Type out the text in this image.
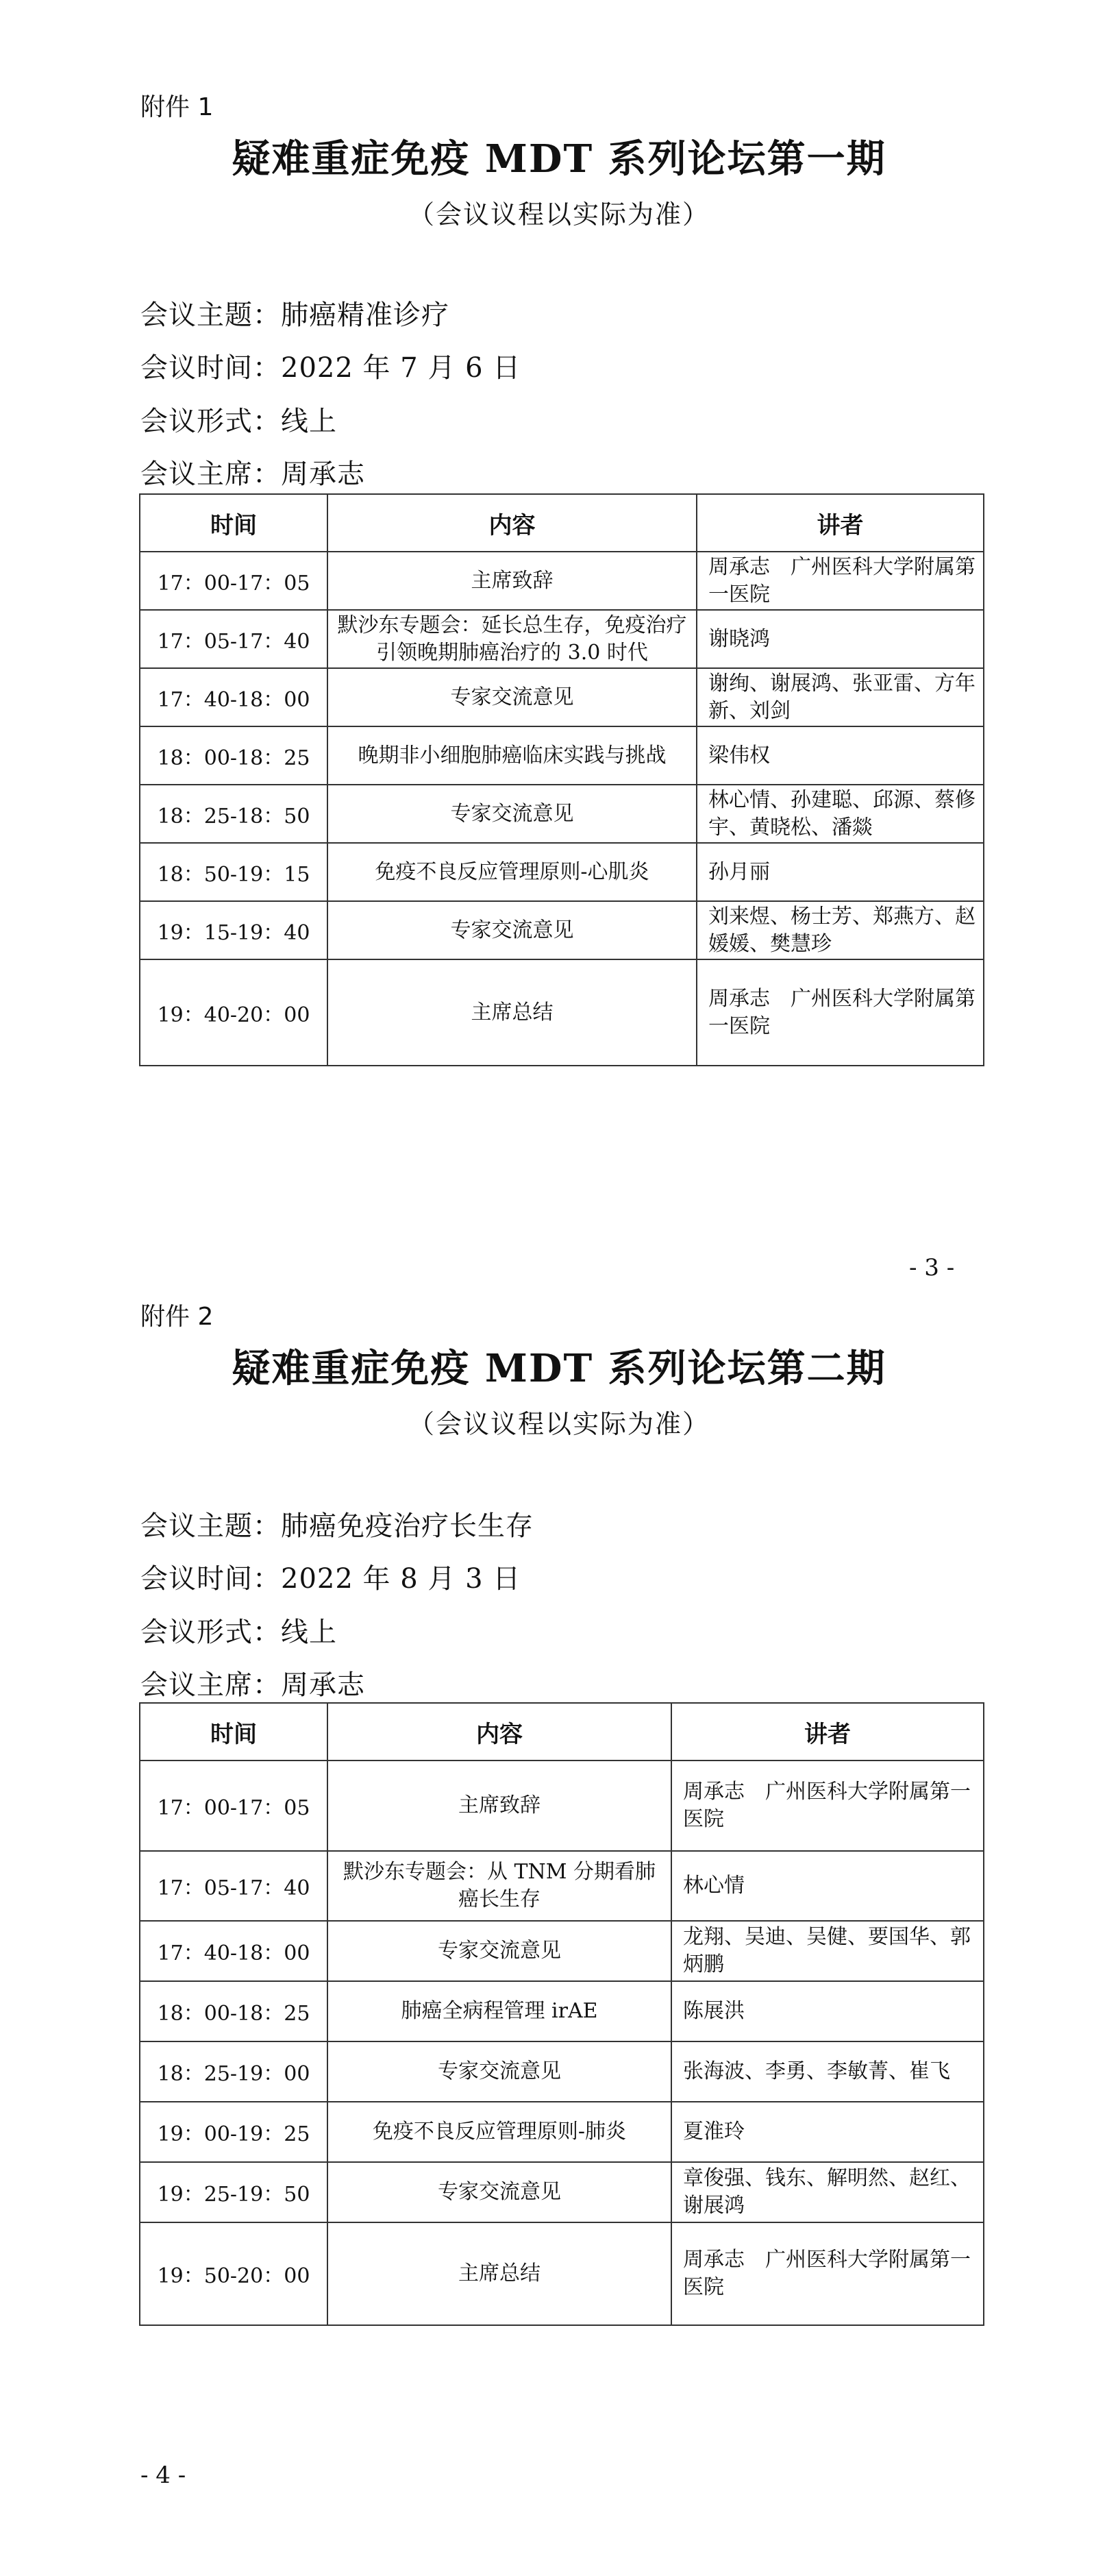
附件 1
疑难重症免疫 MDT 系列论坛第一期
（会议议程以实际为准）
会议主题：肺癌精准诊疗
会议时间：2022 年 7 月 6 日
会议形式：线上
会议主席：周承志
时间	内容	讲者
17：00-17：05	主席致辞	周承志　广州医科大学附属第一医院
17：05-17：40	默沙东专题会：延长总生存，免疫治疗引领晚期肺癌治疗的 3.0 时代	谢晓鸿
17：40-18：00	专家交流意见	谢绚、谢展鸿、张亚雷、方年新、刘剑
18：00-18：25	晚期非小细胞肺癌临床实践与挑战	梁伟权
18：25-18：50	专家交流意见	林心情、孙建聪、邱源、蔡修宇、黄晓松、潘燚
18：50-19：15	免疫不良反应管理原则-心肌炎	孙月丽
19：15-19：40	专家交流意见	刘来煜、杨士芳、郑燕方、赵媛媛、樊慧珍
19：40-20：00	主席总结	周承志　广州医科大学附属第一医院
- 3 -
附件 2
疑难重症免疫 MDT 系列论坛第二期
（会议议程以实际为准）
会议主题：肺癌免疫治疗长生存
会议时间：2022 年 8 月 3 日
会议形式：线上
会议主席：周承志
时间	内容	讲者
17：00-17：05	主席致辞	周承志　广州医科大学附属第一医院
17：05-17：40	默沙东专题会：从 TNM 分期看肺癌长生存	林心情
17：40-18：00	专家交流意见	龙翔、吴迪、吴健、要国华、郭炳鹏
18：00-18：25	肺癌全病程管理 irAE	陈展洪
18：25-19：00	专家交流意见	张海波、李勇、李敏菁、崔飞
19：00-19：25	免疫不良反应管理原则-肺炎	夏淮玲
19：25-19：50	专家交流意见	章俊强、钱东、解明然、赵红、谢展鸿
19：50-20：00	主席总结	周承志　广州医科大学附属第一医院
- 4 -
